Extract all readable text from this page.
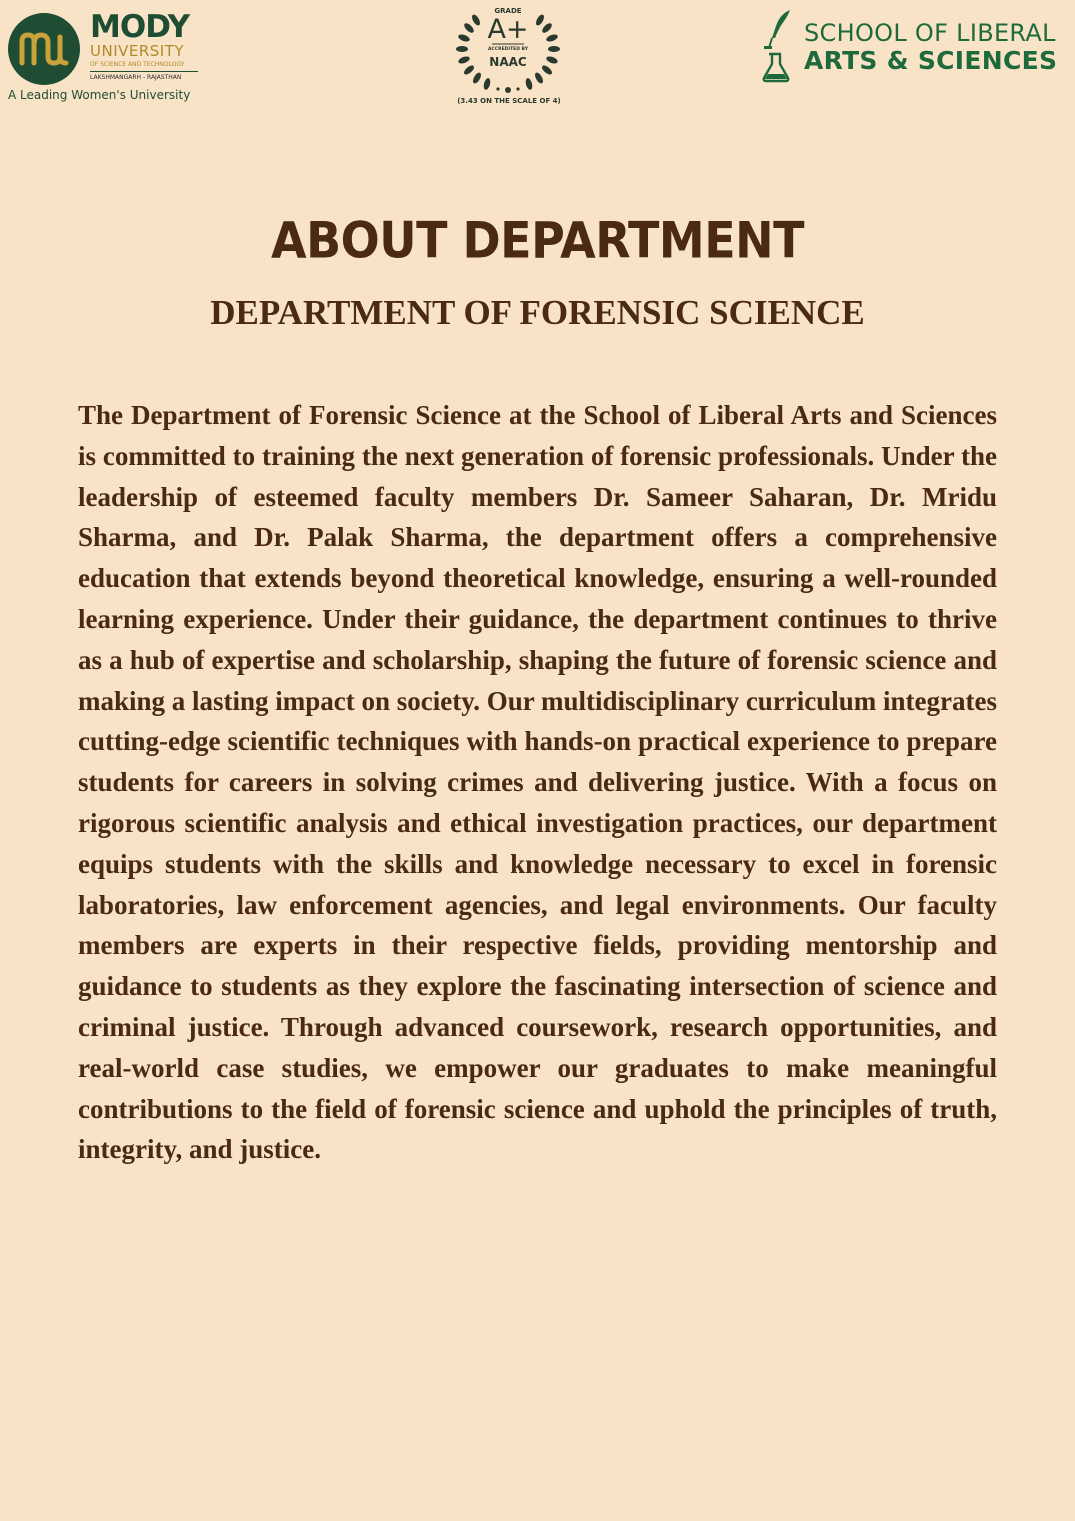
MODY
UNIVERSITY
OF SCIENCE AND TECHNOLOGY
LAKSHMANGARH - RAJASTHAN
A Leading Women's University
GRADE
A+
ACCREDITED BY
NAAC
(3.43 ON THE SCALE OF 4)
SCHOOL OF LIBERAL
ARTS & SCIENCES
ABOUT DEPARTMENT
DEPARTMENT OF FORENSIC SCIENCE

The Department of Forensic Science at the School of Liberal Arts and Sciences is committed to training the next generation of forensic professionals. Under the leadership of esteemed faculty members Dr. Sameer Saharan, Dr. Mridu Sharma, and Dr. Palak Sharma, the department offers a comprehensive education that extends beyond theoretical knowledge, ensuring a well-rounded learning experience. Under their guidance, the department continues to thrive as a hub of expertise and scholarship, shaping the future of forensic science and making a lasting impact on society. Our multidisciplinary curriculum integrates cutting-edge scientific techniques with hands-on practical experience to prepare students for careers in solving crimes and delivering justice. With a focus on rigorous scientific analysis and ethical investigation practices, our department equips students with the skills and knowledge necessary to excel in forensic laboratories, law enforcement agencies, and legal environments. Our faculty members are experts in their respective fields, providing mentorship and guidance to students as they explore the fascinating intersection of science and criminal justice. Through advanced coursework, research opportunities, and real-world case studies, we empower our graduates to make meaningful contributions to the field of forensic science and uphold the principles of truth, integrity, and justice.
